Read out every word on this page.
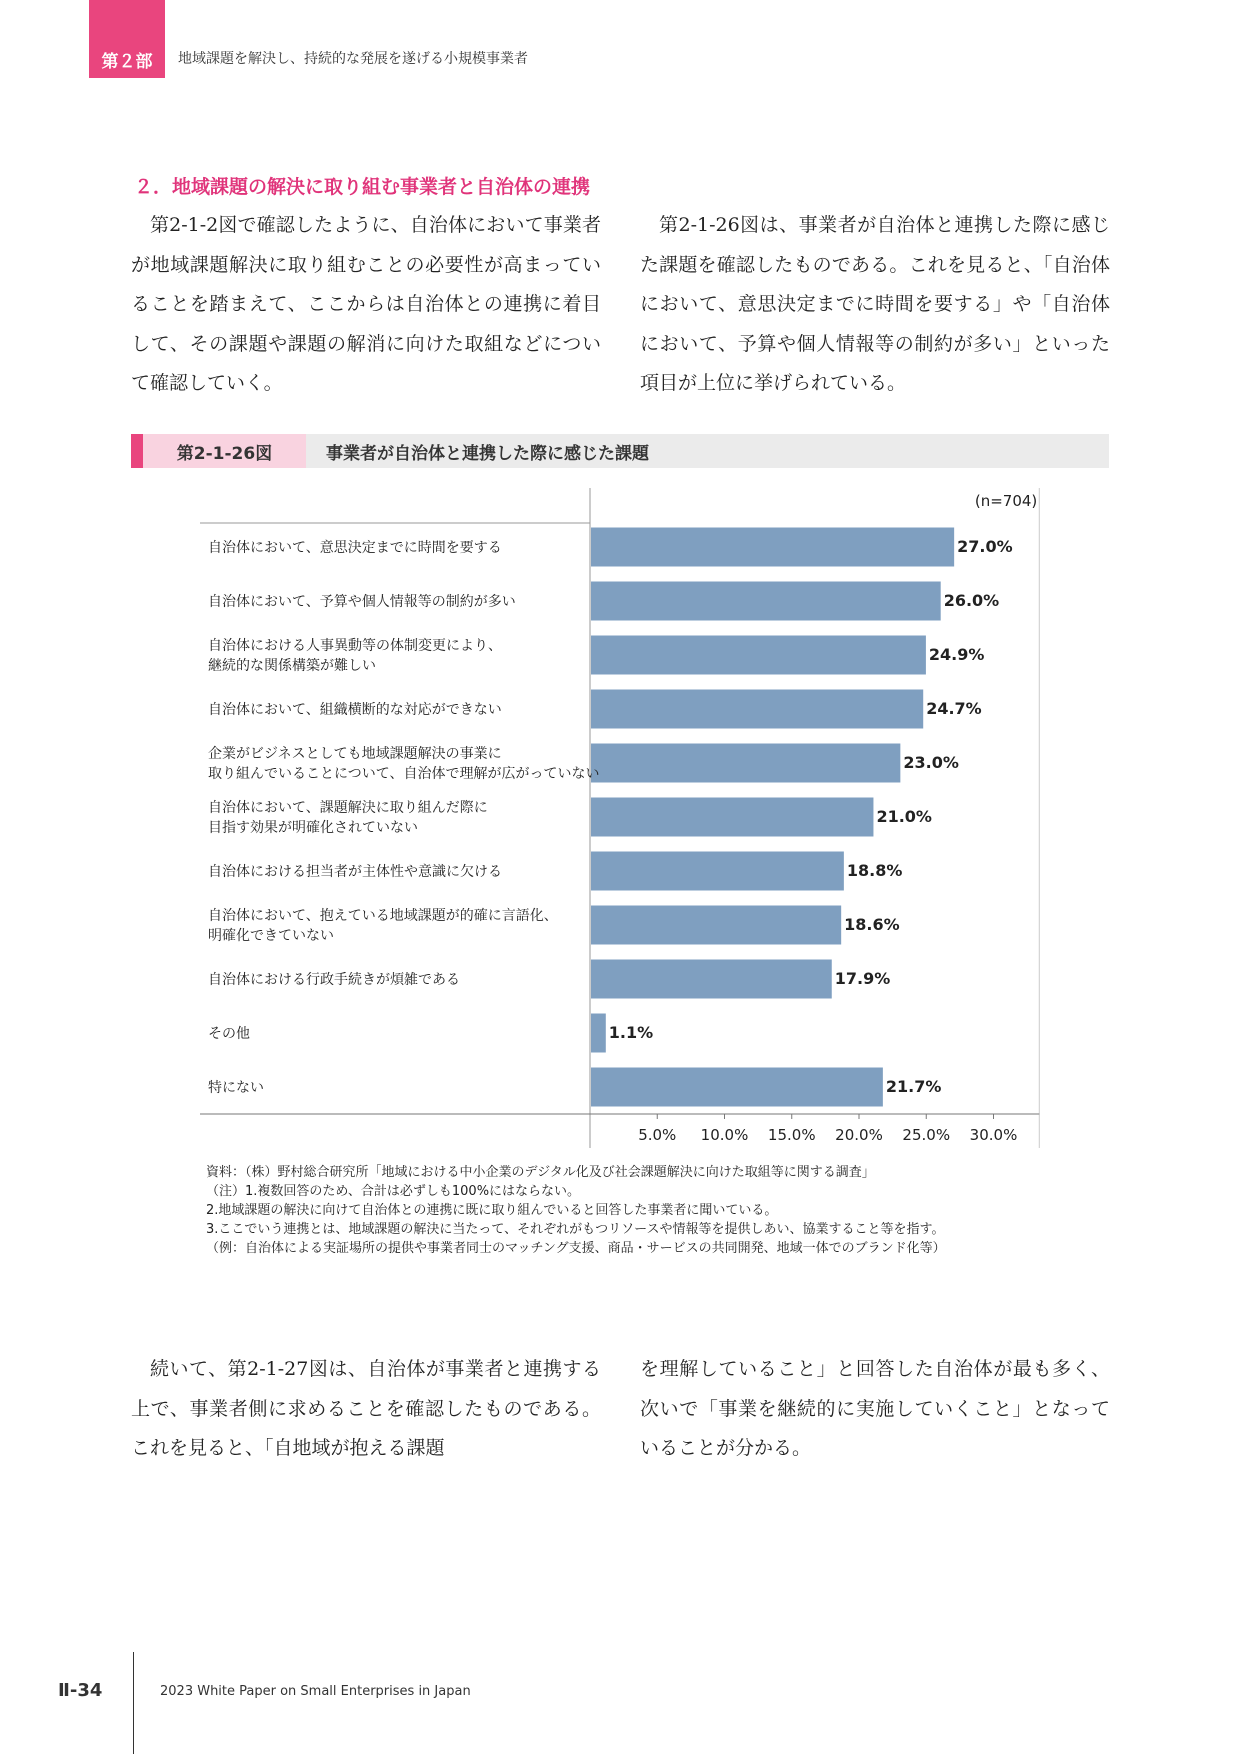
第２部	地域課題を解決し、持続的な発展を遂げる小規模事業者
２．地域課題の解決に取り組む事業者と自治体の連携

第2-1-2図で確認したように、自治体において事業者が地域課題解決に取り組むことの必要性が高まっていることを踏まえて、ここからは自治体との連携に着目して、その課題や課題の解消に向けた取組などについて確認していく。

第2-1-26図は、事業者が自治体と連携した際に感じた課題を確認したものである。これを見ると、「自治体において、意思決定までに時間を要する」や「自治体において、予算や個人情報等の制約が多い」といった項目が上位に挙げられている。

第2-1-26図	事業者が自治体と連携した際に感じた課題
(n=704)
27.0%
自治体において、意思決定までに時間を要する
26.0%
自治体において、予算や個人情報等の制約が多い
24.9%
自治体における人事異動等の体制変更により、
継続的な関係構築が難しい
24.7%
自治体において、組織横断的な対応ができない
23.0%
企業がビジネスとしても地域課題解決の事業に
取り組んでいることについて、自治体で理解が広がっていない
21.0%
自治体において、課題解決に取り組んだ際に
目指す効果が明確化されていない
18.8%
自治体における担当者が主体性や意識に欠ける
18.6%
自治体において、抱えている地域課題が的確に言語化、
明確化できていない
17.9%
自治体における行政手続きが煩雑である
1.1%
その他
21.7%
特にない
5.0% 10.0% 15.0% 20.0% 25.0% 30.0%
資料：（株）野村総合研究所「地域における中小企業のデジタル化及び社会課題解決に向けた取組等に関する調査」
（注）1.複数回答のため、合計は必ずしも100%にはならない。
2.地域課題の解決に向けて自治体との連携に既に取り組んでいると回答した事業者に聞いている。
3.ここでいう連携とは、地域課題の解決に当たって、それぞれがもつリソースや情報等を提供しあい、協業すること等を指す。
（例：自治体による実証場所の提供や事業者同士のマッチング支援、商品・サービスの共同開発、地域一体でのブランド化等）

続いて、第2-1-27図は、自治体が事業者と連携する上で、事業者側に求めることを確認したものである。これを見ると、「自地域が抱える課題

を理解していること」と回答した自治体が最も多く、次いで「事業を継続的に実施していくこと」となっていることが分かる。

Ⅱ-34	2023 White Paper on Small Enterprises in Japan
